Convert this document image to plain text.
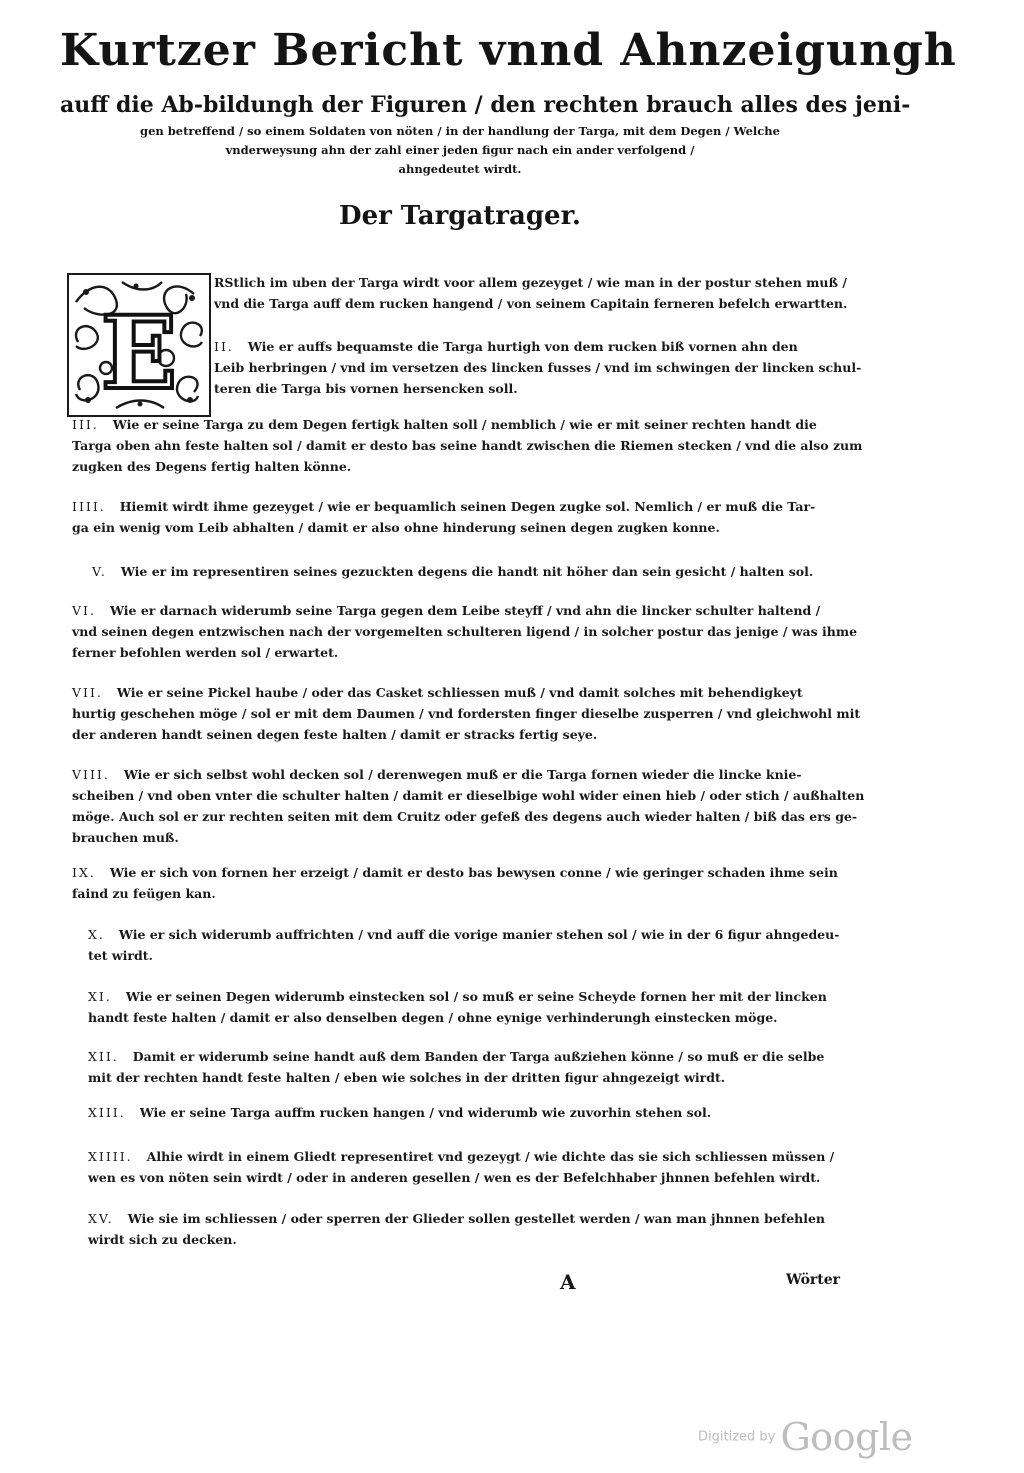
Kurtzer Bericht vnnd Ahnzeigungh
auff die Ab-bildungh der Figuren / den rechten brauch alles des jeni-
gen betreffend / so einem Soldaten von nöten / in der handlung der Targa, mit dem Degen / Welche
vnderweysung ahn der zahl einer jeden figur nach ein ander verfolgend /
ahngedeutet wirdt.
Der Targatrager.
E
RStlich im uben der Targa wirdt voor allem gezeyget / wie man in der postur stehen muß /
vnd die Targa auff dem rucken hangend / von seinem Capitain ferneren befelch erwartten.
II. Wie er auffs bequamste die Targa hurtigh von dem rucken biß vornen ahn den
Leib herbringen / vnd im versetzen des lincken fusses / vnd im schwingen der lincken schul-
teren die Targa bis vornen hersencken soll.
III. Wie er seine Targa zu dem Degen fertigk halten soll / nemblich / wie er mit seiner rechten handt die
Targa oben ahn feste halten sol / damit er desto bas seine handt zwischen die Riemen stecken / vnd die also zum
zugken des Degens fertig halten könne.
IIII. Hiemit wirdt ihme gezeyget / wie er bequamlich seinen Degen zugke sol. Nemlich / er muß die Tar-
ga ein wenig vom Leib abhalten / damit er also ohne hinderung seinen degen zugken konne.
V. Wie er im representiren seines gezuckten degens die handt nit höher dan sein gesicht / halten sol.
VI. Wie er darnach widerumb seine Targa gegen dem Leibe steyff / vnd ahn die lincker schulter haltend /
vnd seinen degen entzwischen nach der vorgemelten schulteren ligend / in solcher postur das jenige / was ihme
ferner befohlen werden sol / erwartet.
VII. Wie er seine Pickel haube / oder das Casket schliessen muß / vnd damit solches mit behendigkeyt
hurtig geschehen möge / sol er mit dem Daumen / vnd fordersten finger dieselbe zusperren / vnd gleichwohl mit
der anderen handt seinen degen feste halten / damit er stracks fertig seye.
VIII. Wie er sich selbst wohl decken sol / derenwegen muß er die Targa fornen wieder die lincke knie-
scheiben / vnd oben vnter die schulter halten / damit er dieselbige wohl wider einen hieb / oder stich / außhalten
möge. Auch sol er zur rechten seiten mit dem Cruitz oder gefeß des degens auch wieder halten / biß das ers ge-
brauchen muß.
IX. Wie er sich von fornen her erzeigt / damit er desto bas bewysen conne / wie geringer schaden ihme sein
faind zu feügen kan.
X. Wie er sich widerumb auffrichten / vnd auff die vorige manier stehen sol / wie in der 6 figur ahngedeu-
tet wirdt.
XI. Wie er seinen Degen widerumb einstecken sol / so muß er seine Scheyde fornen her mit der lincken
handt feste halten / damit er also denselben degen / ohne eynige verhinderungh einstecken möge.
XII. Damit er widerumb seine handt auß dem Banden der Targa außziehen könne / so muß er die selbe
mit der rechten handt feste halten / eben wie solches in der dritten figur ahngezeigt wirdt.
XIII. Wie er seine Targa auffm rucken hangen / vnd widerumb wie zuvorhin stehen sol.
XIIII. Alhie wirdt in einem Gliedt representiret vnd gezeygt / wie dichte das sie sich schliessen müssen /
wen es von nöten sein wirdt / oder in anderen gesellen / wen es der Befelchhaber jhnnen befehlen wirdt.
XV. Wie sie im schliessen / oder sperren der Glieder sollen gestellet werden / wan man jhnnen befehlen
wirdt sich zu decken.
A	Wörter
Digitized by Google
